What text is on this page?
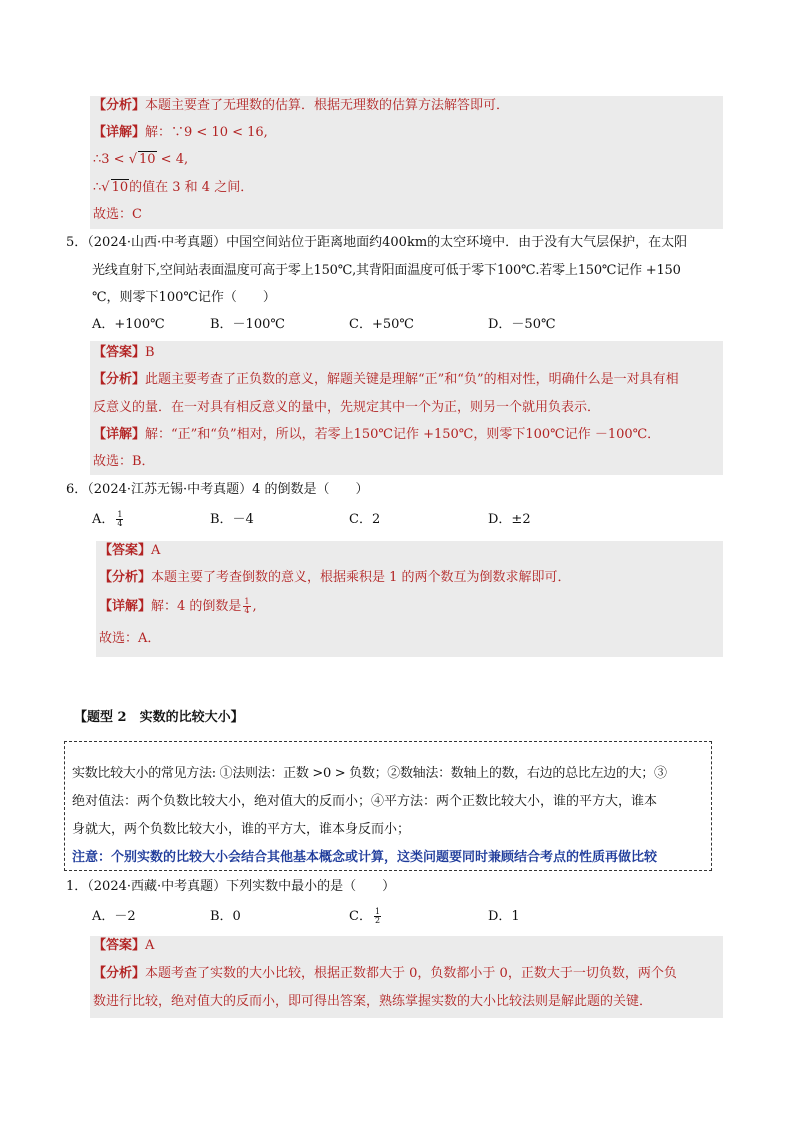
【分析】本题主要查了无理数的估算．根据无理数的估算方法解答即可．
【详解】解：∵9 < 10 < 16,
∴3 < √ 10 < 4,
∴√ 10的值在 3 和 4 之间．
故选：C
5．（2024·山西·中考真题）中国空间站位于距离地面约400km的太空环境中．由于没有大气层保护，在太阳
光线直射下,空间站表面温度可高于零上150℃,其背阳面温度可低于零下100℃.若零上150℃记作 +150
℃，则零下100℃记作（　　）
A．+100℃	B．－100℃	C．+50℃	D．－50℃
【答案】B
【分析】此题主要考查了正负数的意义，解题关键是理解“正”和“负”的相对性，明确什么是一对具有相
反意义的量．在一对具有相反意义的量中，先规定其中一个为正，则另一个就用负表示．
【详解】解：“正”和“负”相对，所以，若零上150℃记作 +150℃，则零下100℃记作 －100℃．
故选：B．
6．（2024·江苏无锡·中考真题）4 的倒数是（　　）
A． $\frac{1}{4}$	B．－4	C．2	D．±2
【答案】A
【分析】本题主要了考查倒数的意义，根据乘积是 1 的两个数互为倒数求解即可．
【详解】解：4 的倒数是 $\frac{1}{4}$ ,
故选：A．
【题型 2　实数的比较大小】
实数比较大小的常见方法: ①法则法：正数 >0 > 负数；②数轴法：数轴上的数，右边的总比左边的大；③
绝对值法：两个负数比较大小，绝对值大的反而小；④平方法：两个正数比较大小，谁的平方大，谁本
身就大，两个负数比较大小，谁的平方大，谁本身反而小；
注意：个别实数的比较大小会结合其他基本概念或计算，这类问题要同时兼顾结合考点的性质再做比较
1．（2024·西藏·中考真题）下列实数中最小的是（　　）
A．－2	B．0	C． $\frac{1}{2}$	D．1
【答案】A
【分析】本题考查了实数的大小比较，根据正数都大于 0，负数都小于 0，正数大于一切负数，两个负
数进行比较，绝对值大的反而小，即可得出答案，熟练掌握实数的大小比较法则是解此题的关键．
